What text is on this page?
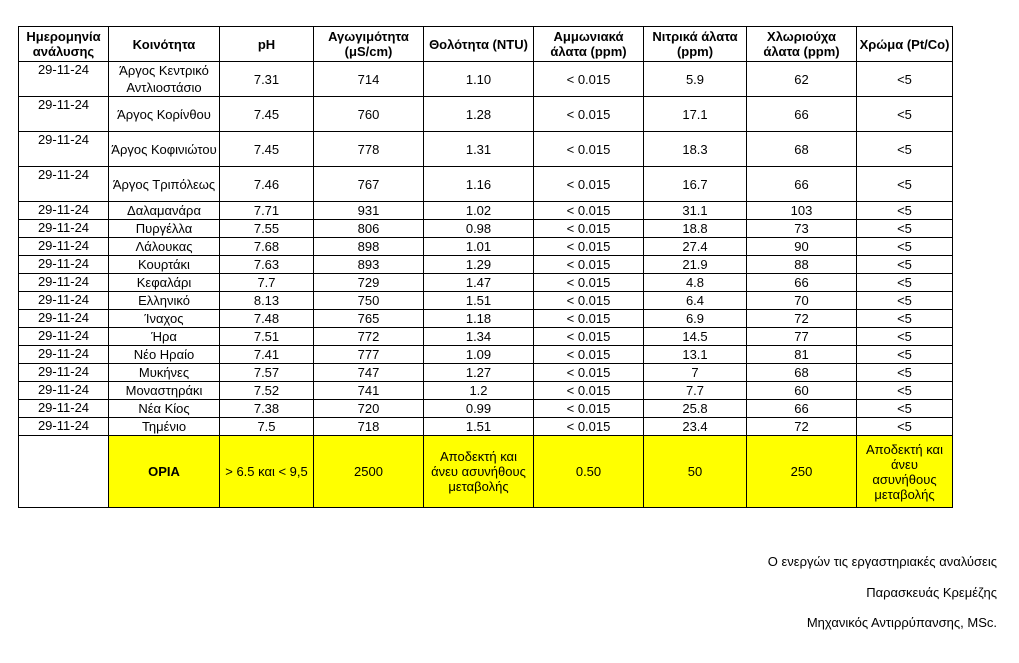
Ημερομηνία ανάλυσης	Κοινότητα	pH	Αγωγιμότητα (μS/cm)	Θολότητα (NTU)	Αμμωνιακά άλατα (ppm)	Νιτρικά άλατα (ppm)	Χλωριούχα άλατα (ppm)	Χρώμα (Pt/Co)
29-11-24	Άργος Κεντρικό Αντλιοστάσιο	7.31	714	1.10	< 0.015	5.9	62	<5
29-11-24	Άργος Κορίνθου	7.45	760	1.28	< 0.015	17.1	66	<5
29-11-24	Άργος Κοφινιώτου	7.45	778	1.31	< 0.015	18.3	68	<5
29-11-24	Άργος Τριπόλεως	7.46	767	1.16	< 0.015	16.7	66	<5
29-11-24	Δαλαμανάρα	7.71	931	1.02	< 0.015	31.1	103	<5
29-11-24	Πυργέλλα	7.55	806	0.98	< 0.015	18.8	73	<5
29-11-24	Λάλουκας	7.68	898	1.01	< 0.015	27.4	90	<5
29-11-24	Κουρτάκι	7.63	893	1.29	< 0.015	21.9	88	<5
29-11-24	Κεφαλάρι	7.7	729	1.47	< 0.015	4.8	66	<5
29-11-24	Ελληνικό	8.13	750	1.51	< 0.015	6.4	70	<5
29-11-24	Ίναχος	7.48	765	1.18	< 0.015	6.9	72	<5
29-11-24	Ήρα	7.51	772	1.34	< 0.015	14.5	77	<5
29-11-24	Νέο Ηραίο	7.41	777	1.09	< 0.015	13.1	81	<5
29-11-24	Μυκήνες	7.57	747	1.27	< 0.015	7	68	<5
29-11-24	Μοναστηράκι	7.52	741	1.2	< 0.015	7.7	60	<5
29-11-24	Νέα Κίος	7.38	720	0.99	< 0.015	25.8	66	<5
29-11-24	Τημένιο	7.5	718	1.51	< 0.015	23.4	72	<5
	ΟΡΙΑ	> 6.5 και < 9,5	2500	Αποδεκτή και άνευ ασυνήθους μεταβολής	0.50	50	250	Αποδεκτή και άνευ ασυνήθους μεταβολής
Ο ενεργών τις εργαστηριακές αναλύσεις
Παρασκευάς Κρεμέζης
Μηχανικός Αντιρρύπανσης, MSc.
